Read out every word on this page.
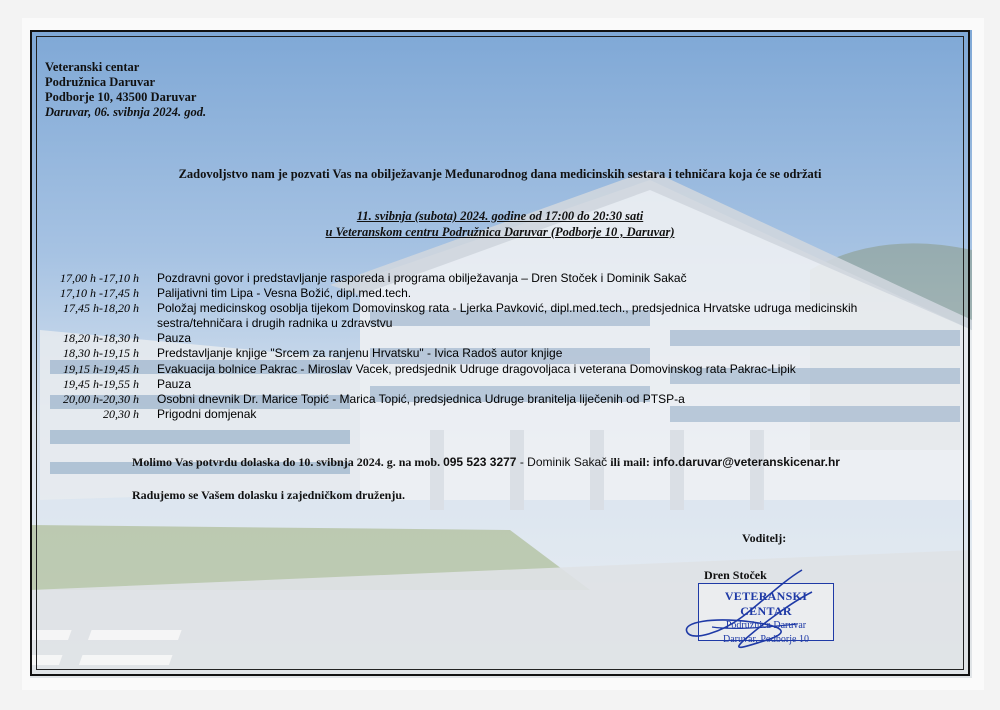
Veteranski centar
Podružnica Daruvar
Podborje 10, 43500 Daruvar
Daruvar, 06. svibnja 2024. god.
Zadovoljstvo nam je pozvati Vas na obilježavanje Međunarodnog dana medicinskih sestara i tehničara koja će se održati
11. svibnja (subota) 2024. godine od 17:00 do 20:30 sati
u Veteranskom centru Podružnica Daruvar (Podborje 10 , Daruvar)
17,00 h -17,10 h	Pozdravni govor i predstavljanje rasporeda i programa obilježavanja – Dren Stoček i Dominik Sakač
17,10 h -17,45 h	Palijativni tim Lipa - Vesna Božić, dipl.med.tech.
17,45 h-18,20 h	Položaj medicinskog osoblja tijekom Domovinskog rata - Ljerka Pavković, dipl.med.tech., predsjednica Hrvatske udruga medicinskih
sestra/tehničara i drugih radnika u zdravstvu
18,20 h-18,30 h	Pauza
18,30 h-19,15 h	Predstavljanje knjige "Srcem za ranjenu Hrvatsku" - Ivica Radoš autor knjige
19,15 h-19,45 h	Evakuacija bolnice Pakrac - Miroslav Vacek, predsjednik Udruge dragovoljaca i veterana Domovinskog rata Pakrac-Lipik
19,45 h-19,55 h	Pauza
20,00 h-20,30 h	Osobni dnevnik Dr. Marice Topić - Marica Topić, predsjednica Udruge branitelja liječenih od PTSP-a
20,30 h	Prigodni domjenak
Molimo Vas potvrdu dolaska do 10. svibnja 2024. g. na mob. 095 523 3277 - Dominik Sakač ili mail: info.daruvar@veteranskicenar.hr
Radujemo se Vašem dolasku i zajedničkom druženju.
Voditelj:
Dren Stoček
VETERANSKI CENTAR
Podružnica Daruvar
Daruvar, Podborje 10
